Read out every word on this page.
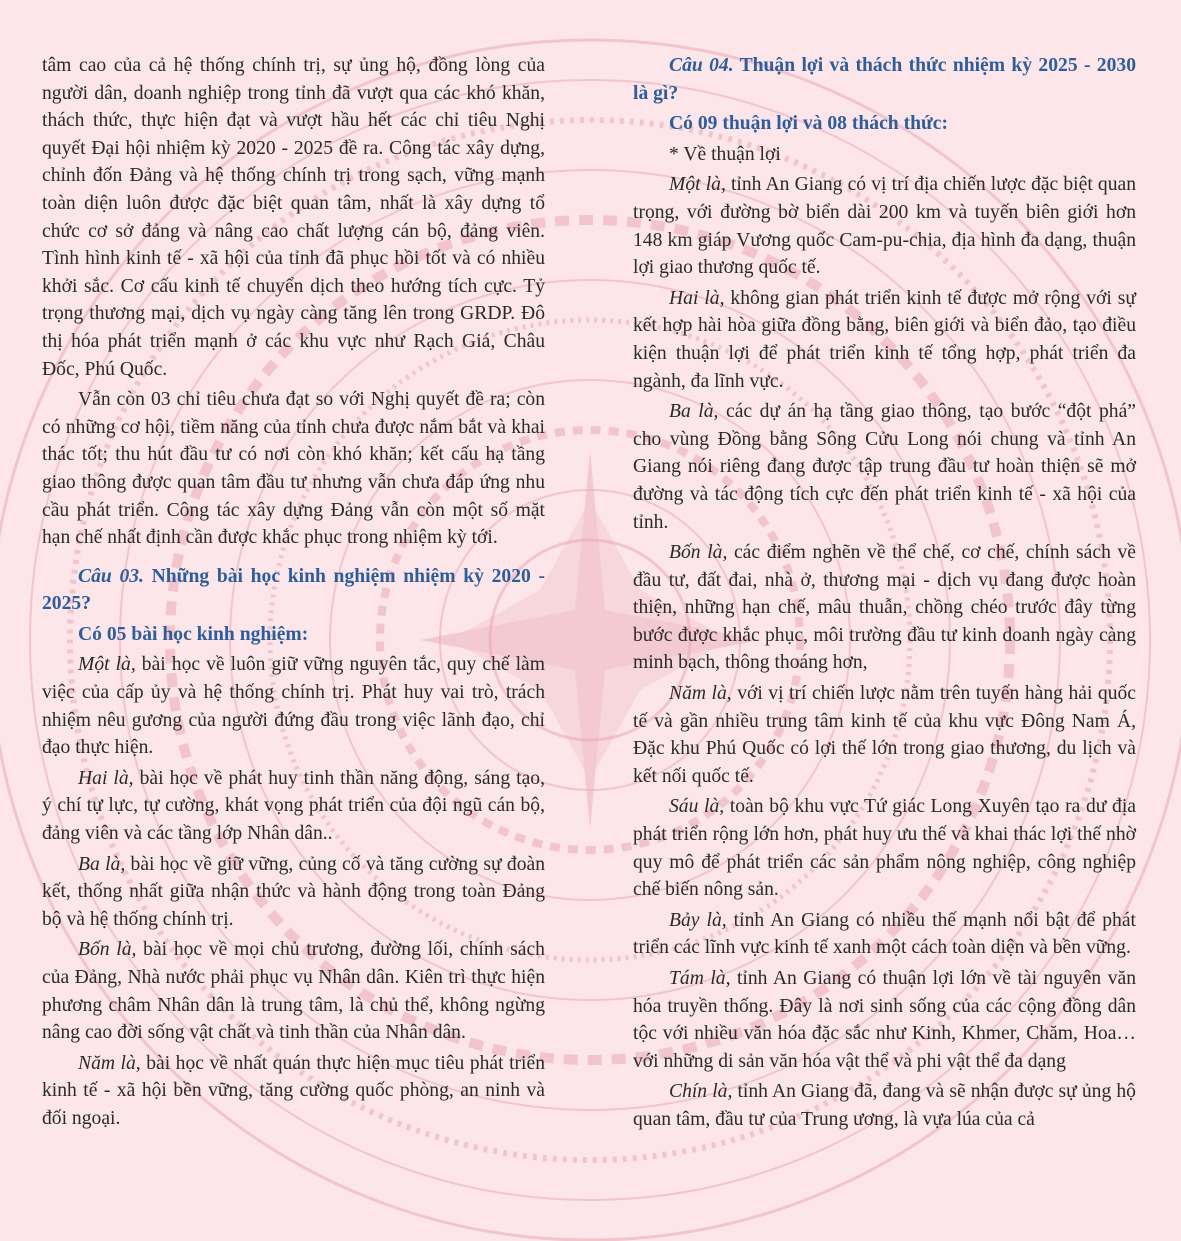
tâm cao của cả hệ thống chính trị, sự ủng hộ, đồng lòng của người dân, doanh nghiệp trong tỉnh đã vượt qua các khó khăn, thách thức, thực hiện đạt và vượt hầu hết các chỉ tiêu Nghị quyết Đại hội nhiệm kỳ 2020 - 2025 đề ra. Công tác xây dựng, chỉnh đốn Đảng và hệ thống chính trị trong sạch, vững mạnh toàn diện luôn được đặc biệt quan tâm, nhất là xây dựng tổ chức cơ sở đảng và nâng cao chất lượng cán bộ, đảng viên. Tình hình kinh tế - xã hội của tỉnh đã phục hồi tốt và có nhiều khởi sắc. Cơ cấu kinh tế chuyển dịch theo hướng tích cực. Tỷ trọng thương mại, dịch vụ ngày càng tăng lên trong GRDP. Đô thị hóa phát triển mạnh ở các khu vực như Rạch Giá, Châu Đốc, Phú Quốc.

Vẫn còn 03 chỉ tiêu chưa đạt so với Nghị quyết đề ra; còn có những cơ hội, tiềm năng của tỉnh chưa được nắm bắt và khai thác tốt; thu hút đầu tư có nơi còn khó khăn; kết cấu hạ tầng giao thông được quan tâm đầu tư nhưng vẫn chưa đáp ứng nhu cầu phát triển. Công tác xây dựng Đảng vẫn còn một số mặt hạn chế nhất định cần được khắc phục trong nhiệm kỳ tới.

Câu 03. Những bài học kinh nghiệm nhiệm kỳ 2020 - 2025?

Có 05 bài học kinh nghiệm:

Một là, bài học về luôn giữ vững nguyên tắc, quy chế làm việc của cấp ủy và hệ thống chính trị. Phát huy vai trò, trách nhiệm nêu gương của người đứng đầu trong việc lãnh đạo, chỉ đạo thực hiện.

Hai là, bài học về phát huy tinh thần năng động, sáng tạo, ý chí tự lực, tự cường, khát vọng phát triển của đội ngũ cán bộ, đảng viên và các tầng lớp Nhân dân..

Ba là, bài học về giữ vững, củng cố và tăng cường sự đoàn kết, thống nhất giữa nhận thức và hành động trong toàn Đảng bộ và hệ thống chính trị.

Bốn là, bài học về mọi chủ trương, đường lối, chính sách của Đảng, Nhà nước phải phục vụ Nhân dân. Kiên trì thực hiện phương châm Nhân dân là trung tâm, là chủ thể, không ngừng nâng cao đời sống vật chất và tinh thần của Nhân dân.

Năm là, bài học về nhất quán thực hiện mục tiêu phát triển kinh tế - xã hội bền vững, tăng cường quốc phòng, an ninh và đối ngoại.

Câu 04. Thuận lợi và thách thức nhiệm kỳ 2025 - 2030 là gì?

Có 09 thuận lợi và 08 thách thức:

* Về thuận lợi

Một là, tỉnh An Giang có vị trí địa chiến lược đặc biệt quan trọng, với đường bờ biển dài 200 km và tuyến biên giới hơn 148 km giáp Vương quốc Cam-pu-chia, địa hình đa dạng, thuận lợi giao thương quốc tế.

Hai là, không gian phát triển kinh tế được mở rộng với sự kết hợp hài hòa giữa đồng bằng, biên giới và biển đảo, tạo điều kiện thuận lợi để phát triển kinh tế tổng hợp, phát triển đa ngành, đa lĩnh vực.

Ba là, các dự án hạ tầng giao thông, tạo bước “đột phá” cho vùng Đồng bằng Sông Cửu Long nói chung và tỉnh An Giang nói riêng đang được tập trung đầu tư hoàn thiện sẽ mở đường và tác động tích cực đến phát triển kinh tế - xã hội của tỉnh.

Bốn là, các điểm nghẽn về thể chế, cơ chế, chính sách về đầu tư, đất đai, nhà ở, thương mại - dịch vụ đang được hoàn thiện, những hạn chế, mâu thuẫn, chồng chéo trước đây từng bước được khắc phục, môi trường đầu tư kinh doanh ngày càng minh bạch, thông thoáng hơn,

Năm là, với vị trí chiến lược nằm trên tuyến hàng hải quốc tế và gần nhiều trung tâm kinh tế của khu vực Đông Nam Á, Đặc khu Phú Quốc có lợi thế lớn trong giao thương, du lịch và kết nối quốc tế.

Sáu là, toàn bộ khu vực Tứ giác Long Xuyên tạo ra dư địa phát triển rộng lớn hơn, phát huy ưu thế và khai thác lợi thế nhờ quy mô để phát triển các sản phẩm nông nghiệp, công nghiệp chế biến nông sản.

Bảy là, tỉnh An Giang có nhiều thế mạnh nổi bật để phát triển các lĩnh vực kinh tế xanh một cách toàn diện và bền vững.

Tám là, tỉnh An Giang có thuận lợi lớn về tài nguyên văn hóa truyền thống. Đây là nơi sinh sống của các cộng đồng dân tộc với nhiều văn hóa đặc sắc như Kinh, Khmer, Chăm, Hoa… với những di sản văn hóa vật thể và phi vật thể đa dạng

Chín là, tỉnh An Giang đã, đang và sẽ nhận được sự ủng hộ quan tâm, đầu tư của Trung ương, là vựa lúa của cả
